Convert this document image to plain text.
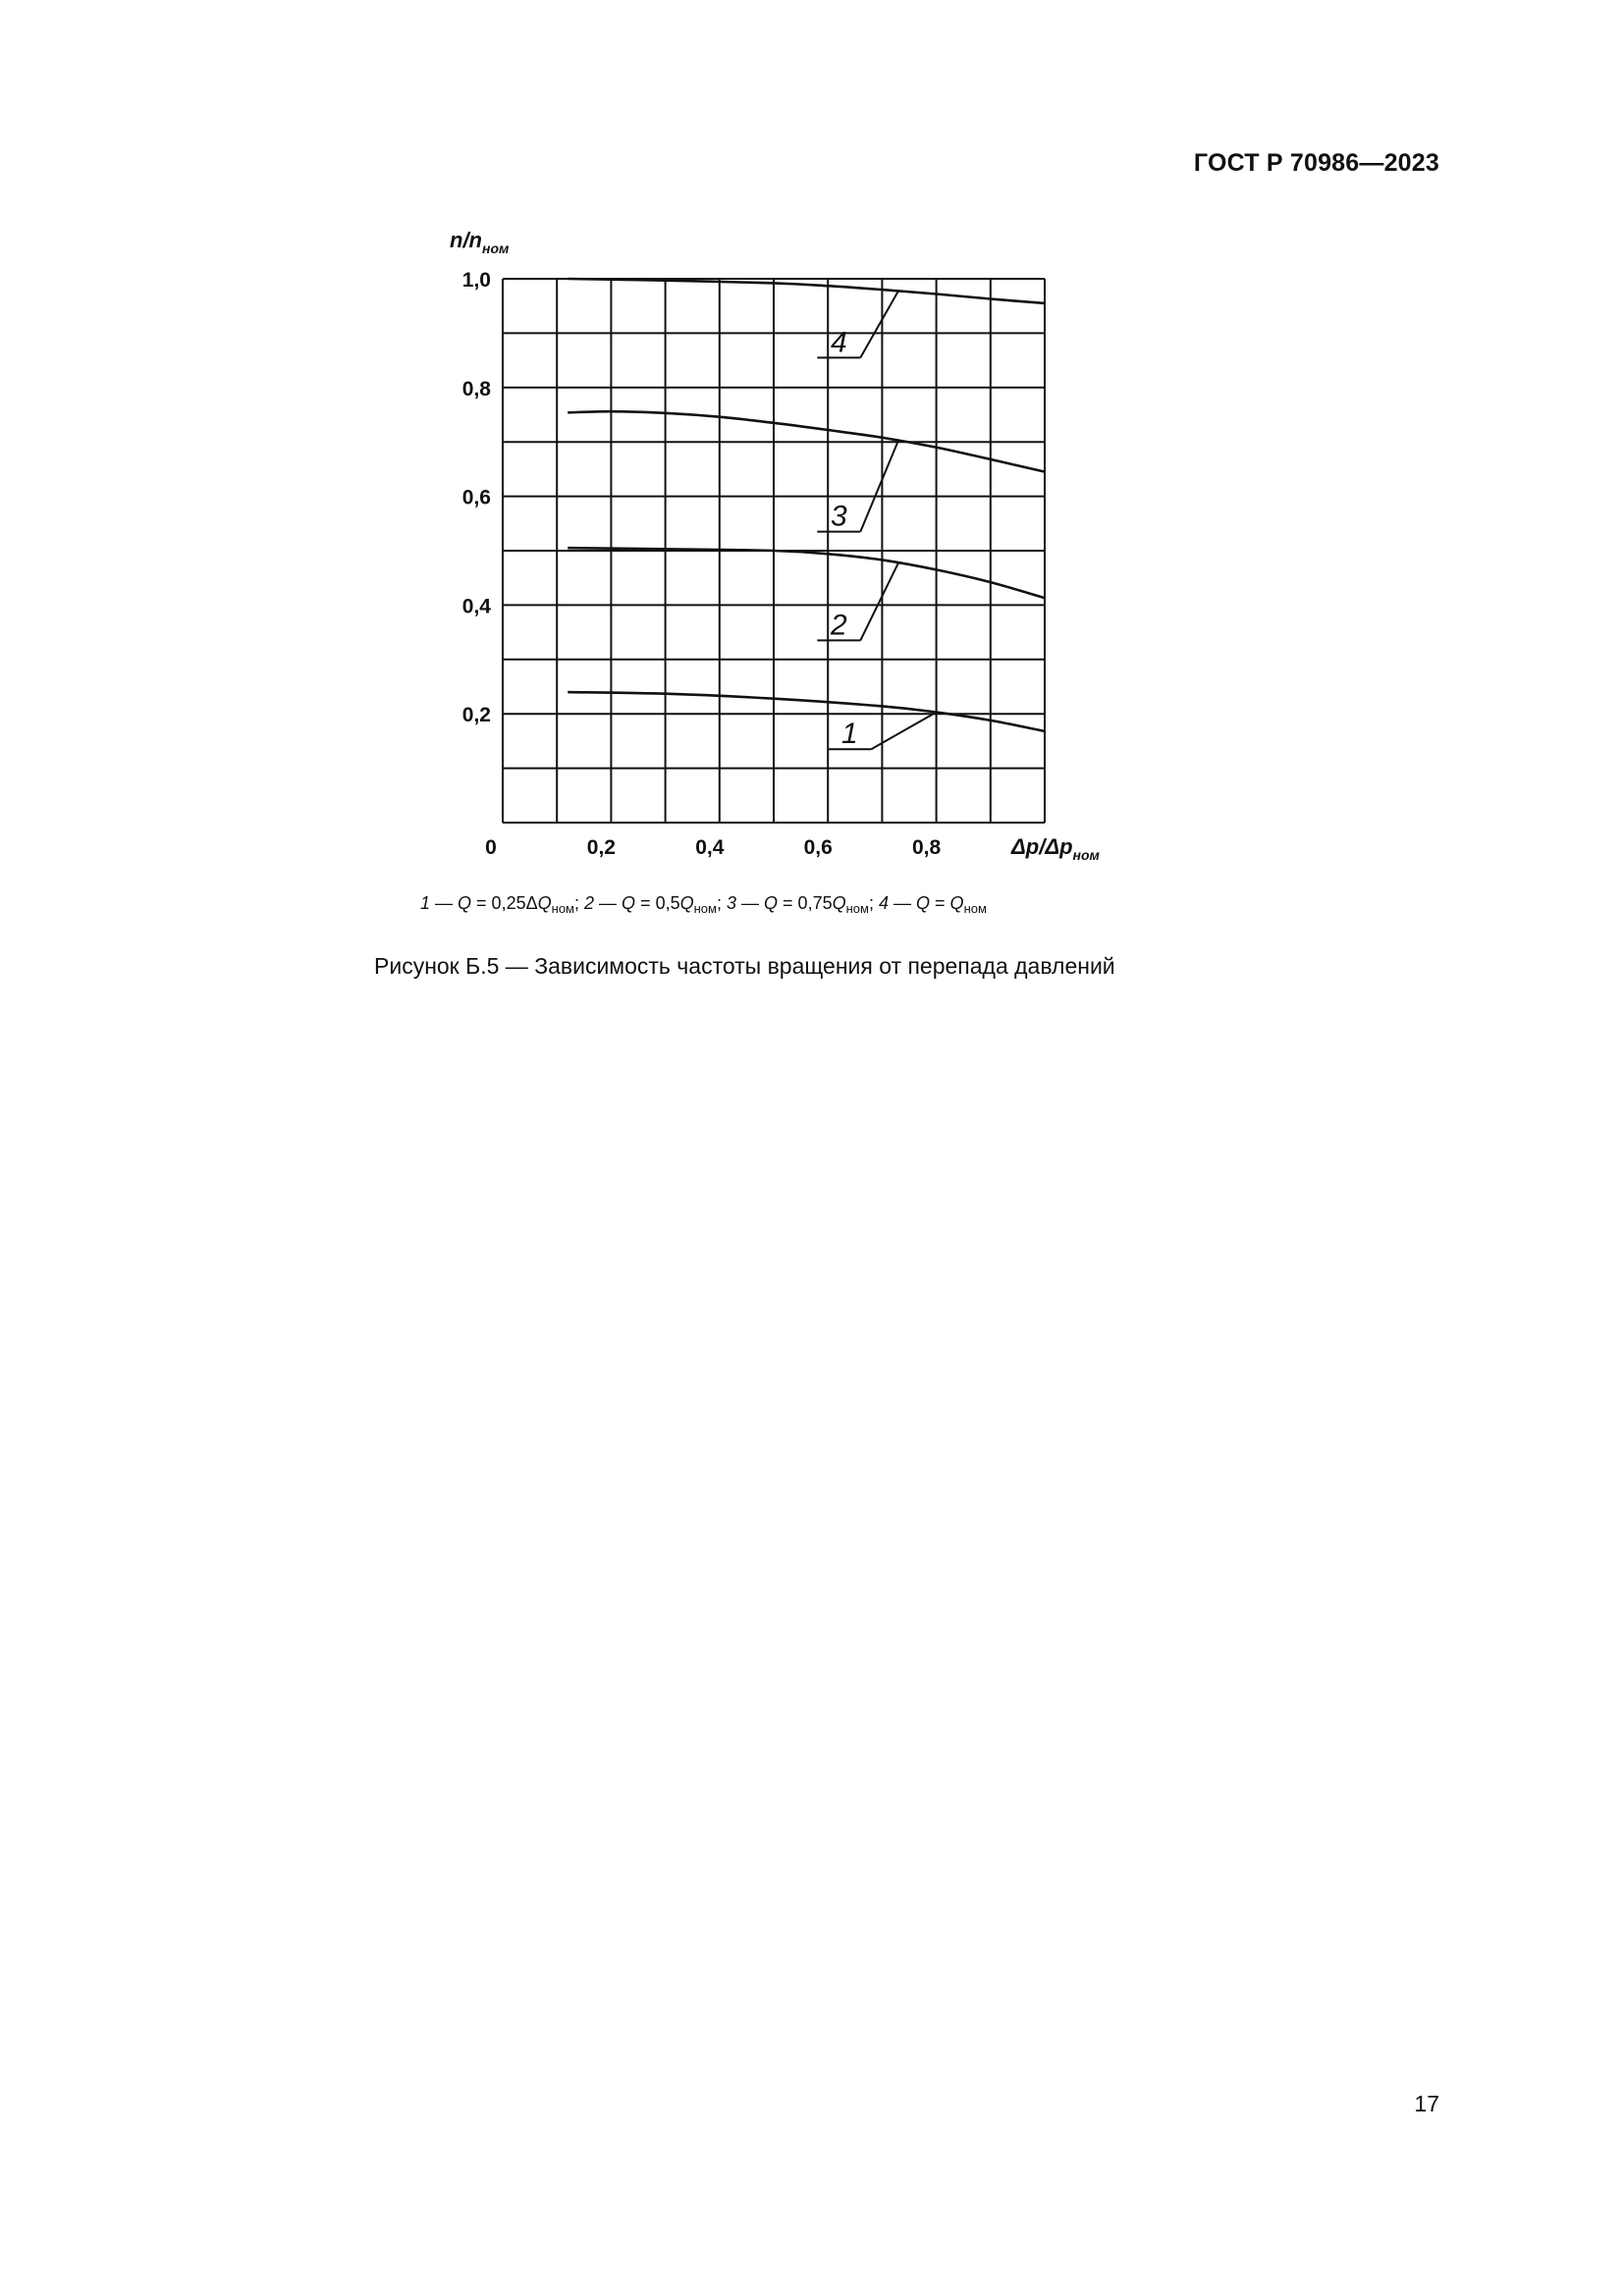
ГОСТ Р 70986—2023
1
2
3
4
0,2
0,4
0,6
0,8
1,0
0	0,2	0,4	0,6	0,8
$n/n_{ном}$
$\Delta p/\Delta p_{ном}$
1 — $Q = 0,25\Delta Q_{ном}$; 2 — $Q = 0,5Q_{ном}$; 3 — $Q = 0,75Q_{ном}$; 4 — $Q = Q_{ном}$
Рисунок Б.5 — Зависимость частоты вращения от перепада давлений
17
